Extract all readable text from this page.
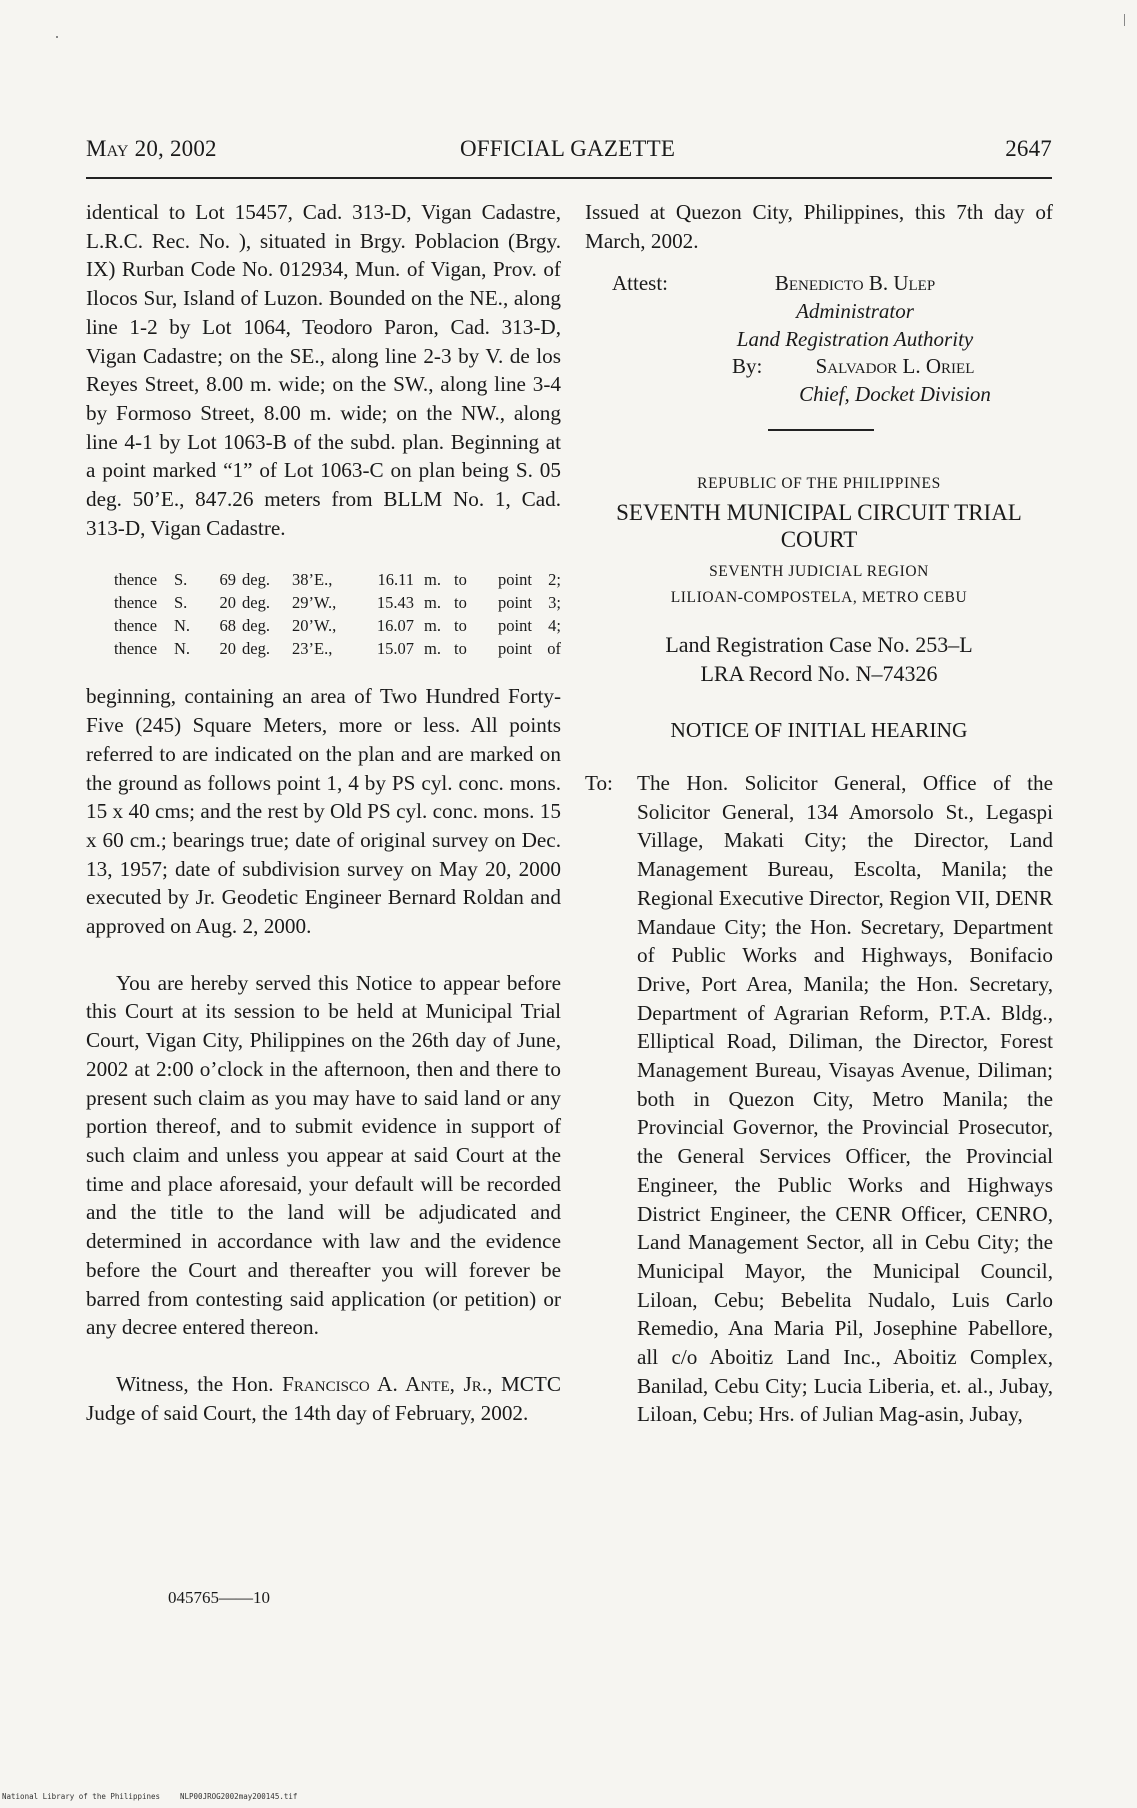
May 20, 2002	OFFICIAL GAZETTE	2647

identical to Lot 15457, Cad. 313-D, Vigan Cadastre, L.R.C. Rec. No. ), situated in Brgy. Poblacion (Brgy. IX) Rurban Code No. 012934, Mun. of Vigan, Prov. of Ilocos Sur, Island of Luzon. Bounded on the NE., along line 1-2 by Lot 1064, Teodoro Paron, Cad. 313-D, Vigan Cadastre; on the SE., along line 2-3 by V. de los Reyes Street, 8.00 m. wide; on the SW., along line 3-4 by Formoso Street, 8.00 m. wide; on the NW., along line 4-1 by Lot 1063-B of the subd. plan. Beginning at a point marked “1” of Lot 1063-C on plan being S. 05 deg. 50’E., 847.26 meters from BLLM No. 1, Cad. 313-D, Vigan Cadastre.

thence	S.	69	deg.	38’E.,	16.11	m.	to	point	2;
thence	S.	20	deg.	29’W.,	15.43	m.	to	point	3;
thence	N.	68	deg.	20’W.,	16.07	m.	to	point	4;
thence	N.	20	deg.	23’E.,	15.07	m.	to	point	of

beginning, containing an area of Two Hundred Forty-Five (245) Square Meters, more or less. All points referred to are indicated on the plan and are marked on the ground as follows point 1, 4 by PS cyl. conc. mons. 15 x 40 cms; and the rest by Old PS cyl. conc. mons. 15 x 60 cm.; bearings true; date of original survey on Dec. 13, 1957; date of subdivision survey on May 20, 2000 executed by Jr. Geodetic Engineer Bernard Roldan and approved on Aug. 2, 2000.

You are hereby served this Notice to appear before this Court at its session to be held at Municipal Trial Court, Vigan City, Philippines on the 26th day of June, 2002 at 2:00 o’clock in the afternoon, then and there to present such claim as you may have to said land or any portion thereof, and to submit evidence in support of such claim and unless you appear at said Court at the time and place aforesaid, your default will be recorded and the title to the land will be adjudicated and determined in accordance with law and the evidence before the Court and thereafter you will forever be barred from contesting said application (or petition) or any decree entered thereon.

Witness, the Hon. Francisco A. Ante, Jr., MCTC Judge of said Court, the 14th day of February, 2002.

045765——10

Issued at Quezon City, Philippines, this 7th day of March, 2002.

Attest:	Benedicto B. Ulep
Administrator
Land Registration Authority
By:	Salvador L. Oriel
Chief, Docket Division
REPUBLIC OF THE PHILIPPINES
SEVENTH MUNICIPAL CIRCUIT TRIAL
COURT
SEVENTH JUDICIAL REGION
LILIOAN-COMPOSTELA, METRO CEBU
Land Registration Case No. 253–L
LRA Record No. N–74326
NOTICE OF INITIAL HEARING
To: The Hon. Solicitor General, Office of the Solicitor General, 134 Amorsolo St., Legaspi Village, Makati City; the Director, Land Management Bureau, Escolta, Manila; the Regional Executive Director, Region VII, DENR Mandaue City; the Hon. Secretary, Department of Public Works and Highways, Bonifacio Drive, Port Area, Manila; the Hon. Secretary, Department of Agrarian Reform, P.T.A. Bldg., Elliptical Road, Diliman, the Director, Forest Management Bureau, Visayas Avenue, Diliman; both in Quezon City, Metro Manila; the Provincial Governor, the Provincial Prosecutor, the General Services Officer, the Provincial Engineer, the Public Works and Highways District Engineer, the CENR Officer, CENRO, Land Management Sector, all in Cebu City; the Municipal Mayor, the Municipal Council, Liloan, Cebu; Bebelita Nudalo, Luis Carlo Remedio, Ana Maria Pil, Josephine Pabellore, all c/o Aboitiz Land Inc., Aboitiz Complex, Banilad, Cebu City; Lucia Liberia, et. al., Jubay, Liloan, Cebu; Hrs. of Julian Mag-asin, Jubay,

National Library of the Philippines	NLP00JROG2002may200145.tif
